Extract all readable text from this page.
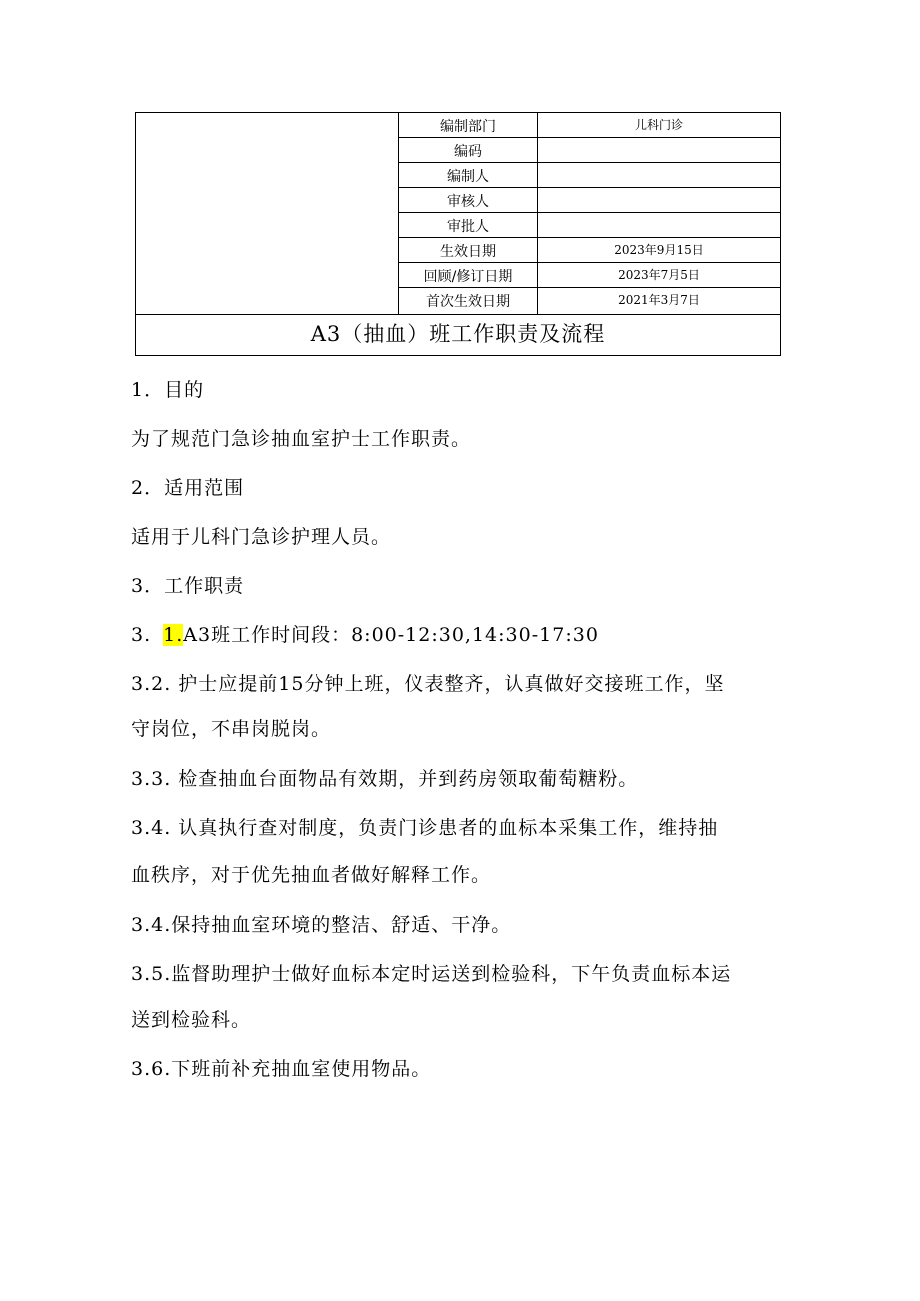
编制部门	儿科门诊
编码
编制人
审核人
审批人
生效日期	2023年9月15日
回顾/修订日期	2023年7月5日
首次生效日期	2021年3月7日
A3（抽血）班工作职责及流程
1．目的
为了规范门急诊抽血室护士工作职责。
2．适用范围
适用于儿科门急诊护理人员。
3．工作职责
3. 1.A3班工作时间段：8:00-12:30,14:30-17:30
3.2. 护士应提前15分钟上班，仪表整齐，认真做好交接班工作，坚
守岗位，不串岗脱岗。
3.3. 检查抽血台面物品有效期，并到药房领取葡萄糖粉。
3.4. 认真执行查对制度，负责门诊患者的血标本采集工作，维持抽
血秩序，对于优先抽血者做好解释工作。
3.4.保持抽血室环境的整洁、舒适、干净。
3.5.监督助理护士做好血标本定时运送到检验科，下午负责血标本运
送到检验科。
3.6.下班前补充抽血室使用物品。
